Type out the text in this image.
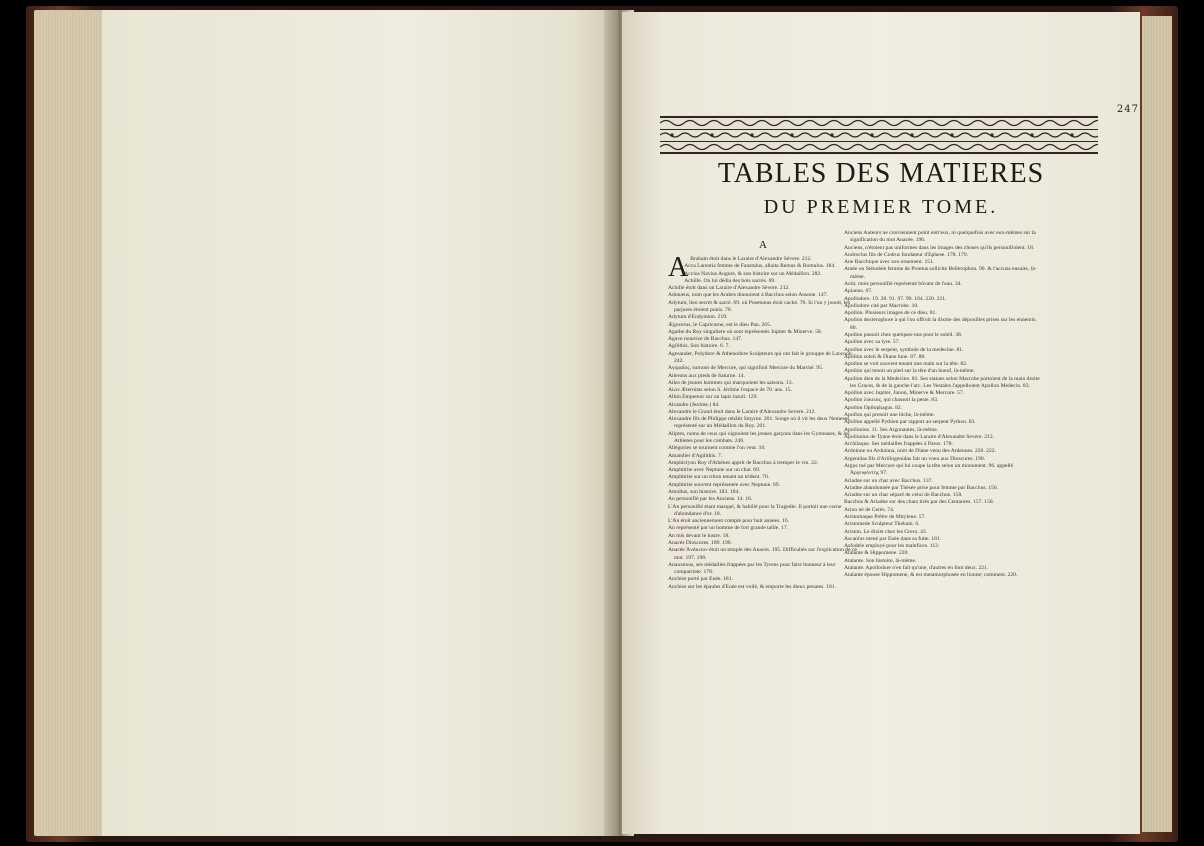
247
TABLES DES MATIERES
DU PREMIER TOME.
A

A Braham étoit dans le Laraire d'Alexandre Sévere. 212.

Acca Larentia femme de Faustulus, allaita Remus & Romulus. 184.

Accius Navius Augure, & son histoire sur un Médaillon. 282.

Achille. On lui dédia des bois sacrés. 69.

Achille étoit dans un Laraire d'Alexandre Sévere. 212.

Adonæus, nom que les Arabes donnoient à Bacchus selon Ausone. 147.

Adytum, lieu secret & sacré. 69. où Posetunus étoit caché. 70. Si l'un y jouoit, les parjures étoient punis. 70.

Adytum d'Endymion. 219.

Ægocerus, le Capricorne, est le dieu Pan. 265.

Agathe du Roy singuliere où sont représentés Jupiter & Minerve. 58.

Agave nourrice de Bacchus. 147.

Agilithis. Son histoire. 6. 7.

Agesander, Polydore & Athenodore Sculpteurs qui ont fait le grouppe de Laocoon. 242.

Ἀγοραῖος, surnom de Mercure, qui signifioit Mercure du Marché. 95.

Ailerons aux pieds de Saturne. 14.

Ailes de jeunes hommes qui marquoient les saisons. 13.

Αἰὼν Æternitas selon S. Jérôme l'espace de 70. ans. 15.

Albin Empereur sur un lapis lazuli. 129.

Alcandre (Jeröme.) 84.

Alexandre le Grand étoit dans le Laraire d'Alexandre Severe. 212.

Alexandre fils de Philippe rebâtit Smyrne. 201. Songe où il vit les deux Nemeses, représenté sur un Médaillon du Roy. 201.

Aliptes, noms de ceux qui oignoient les jeunes garçons dans les Gymnases, & les Athletes pour les combats. 246.

Allégories se tournent comme l'on veut. 10.

Amandier d'Agilithis. 7.

Amphictyon Roy d'Athénes apprit de Bacchus à tremper le vin. 22.

Amphitrite avec Neptune sur un char. 69.

Amphitrite sur un triton tenant un trident. 70.

Amphitrite souvent représentée avec Neptune. 69.

Amulius, son histoire. 183. 184.

An personifié par les Anciens. 14. 16.

L'An personifié étant masqué, & habillé pour la Tragedie. Il portoit une corne d'abondance d'or. 18.

L'An étoit anciennement compté pour huit années. 16.

An représenté par un homme de fort grande taille. 17.

An mis devant le lustre. 18.

Anacés Dioscures. 189. 190.

Anacée Ἀνάκειον étoit un temple des Anacés. 195. Difficultés sur l'explication de ce mot. 197. 198.

Anauxenus, ses médailles frappées par les Tyrens pour faire honneur à leur compatriote. 178.

Anchise porté par Enée. 181.

Anchise sur les épaules d'Enée est voilé, & emporte les dieux penates. 181.

Anciens Auteurs ne conviennent point entr'eux, ni quelquefois avec eux-mêmes sur la signification du mot Anacée. 196.

Anciens, n'étoient pas uniformes dans les images des choses qu'ils personifioient. 18.

Androclus fils de Codrus fondateur d'Ephese. 178. 179.

Ane Bacchique avec son ornement. 151.

Antée ou Sténobée femme de Proetus sollicite Bellerophon. 90. & l'accusa ensuite, là-même.

Aoüt, mois personifié représenté bûvant de l'eau. 34.

Apianus. 67.

Apollodore. 19. 20. 91. 97. 99. 104. 220. 221.

Apollodore cité par Macrobe. 10.

Apollon. Plusieurs images de ce dieu. 81.

Apollon dexterophore à qui l'on offroit la dixme des dépouilles prises sur les ennemis. 80.

Apollon passoit chez quelques-uns pour le soleil. 38.

Apollon avec sa lyre. 57.

Apollon avec le serpent, symbole de la medecine. 81.

Apollon soleil & Diane lune. 87. 88.

Apollon se voit souvent tenant une main sur la tête. 82.

Apollon qui tenoit un pied sur la tête d'un boeuf, là-même.

Apollon dieu de la Medecine. 83. Ses statues selon Macrobe portoient de la main droite les Graces, & de la gauche l'arc. Les Vestales l'appelloient Apollon Medecin. 83.

Apollon avec Jupiter, Junon, Minerve & Mercure. 57.

Apollon λύκειος, qui chassoit la peste. 83.

Apollon Opilophagus. 82.

Apollon qui prenoit une biche, là-même.

Apollon appellé Pythien par rapport au serpent Python. 83.

Apollonius. 11. Ses Argonautes, là-même.

Apollonius de Tyane étoit dans le Laraire d'Alexandre Severe. 212.

Archilaque. Ses médailles frappées à Paros. 178.

Ardoinne ou Arduinna, nom de Diane venu des Ardennes. 220. 222.

Argenidas fils d'Arillogenidas fait un voeu aux Dioscures. 190.

Argus tué par Mercure qui lui coupe la tête selon un monument. 96. appellé Ἀργειφόντης 97.

Ariadne sur un char avec Bacchus. 137.

Ariadne abandonnée par Thésée prise pour femme par Bacchus. 156.

Ariadne sur un char séparé de celui de Bacchus. 158.

Bacchus & Ariadne sur des chars tirés par des Centaures. 157. 158.

Arion né de Cerès. 74.

Aristomaque Prêtre de Mitylene. 57.

Aristomede Sculpteur Thebain. 6.

Ariston. Le dixiet chez les Grecs. 43.

Ascanius mené par Enée dans sa fuite. 181.

Asfodele employé pour les malefices. 112.

Atalante & Hippomene. 220.

Atalante. Son histoire, là-même.

Atalante. Apollodore n'en fait qu'une, d'autres en font deux. 221.

Atalante épouse Hippomene, & est metamorphosée en lionne; comment. 220.
